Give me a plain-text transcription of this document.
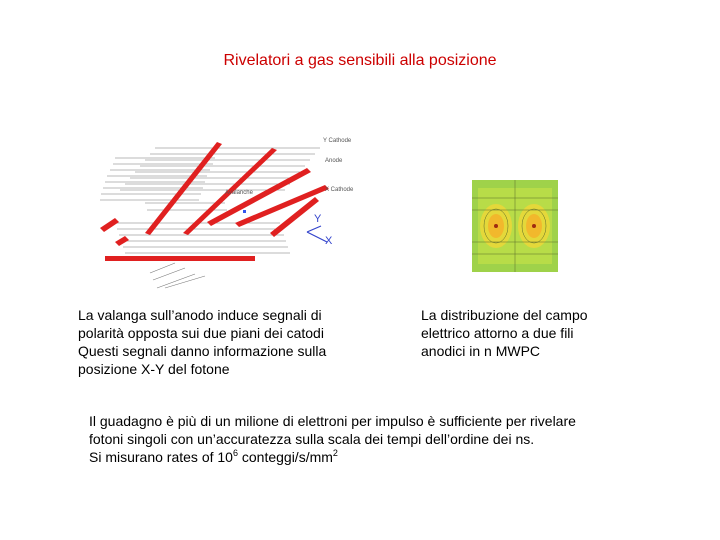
Rivelatori a gas sensibili alla posizione
Y Cathode
Anode
X Cathode
Avalanche
Y
X
La valanga sull’anodo induce segnali di
polarità opposta sui due piani dei catodi
Questi segnali danno informazione sulla
posizione X-Y del fotone
La distribuzione del campo
elettrico attorno a due fili
anodici in n MWPC
Il guadagno è più di un milione di elettroni per impulso è sufficiente per rivelare
fotoni singoli con un’accuratezza sulla scala dei tempi dell’ordine dei ns.
Si misurano rates of $10^6$ conteggi/$s/mm^2$
